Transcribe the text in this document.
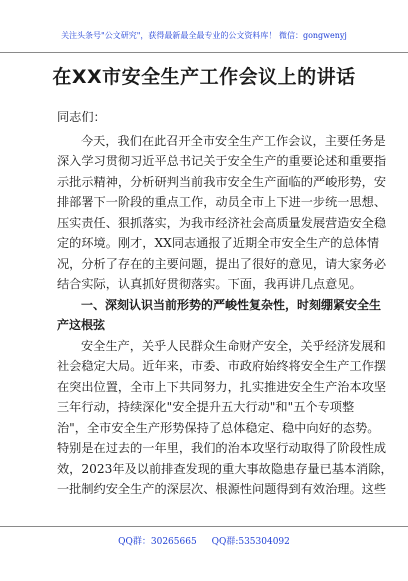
关注头条号"公文研究"，获得最新最全最专业的公文资料库！ 微信：gongwenyj
在XX市安全生产工作会议上的讲话
同志们：
今天，我们在此召开全市安全生产工作会议，主要任务是
深入学习贯彻习近平总书记关于安全生产的重要论述和重要指
示批示精神，分析研判当前我市安全生产面临的严峻形势，安
排部署下一阶段的重点工作，动员全市上下进一步统一思想、
压实责任、狠抓落实，为我市经济社会高质量发展营造安全稳
定的环境。刚才，XX同志通报了近期全市安全生产的总体情
况，分析了存在的主要问题，提出了很好的意见，请大家务必
结合实际，认真抓好贯彻落实。下面，我再讲几点意见。
一、深刻认识当前形势的严峻性复杂性，时刻绷紧安全生
产这根弦
安全生产，关乎人民群众生命财产安全，关乎经济发展和
社会稳定大局。近年来，市委、市政府始终将安全生产工作摆
在突出位置，全市上下共同努力，扎实推进安全生产治本攻坚
三年行动，持续深化"安全提升五大行动"和"五个专项整
治"，全市安全生产形势保持了总体稳定、稳中向好的态势。
特别是在过去的一年里，我们的治本攻坚行动取得了阶段性成
效，2023年及以前排查发现的重大事故隐患存量已基本消除，
一批制约安全生产的深层次、根源性问题得到有效治理。这些
QQ群：30265665 QQ群:535304092
